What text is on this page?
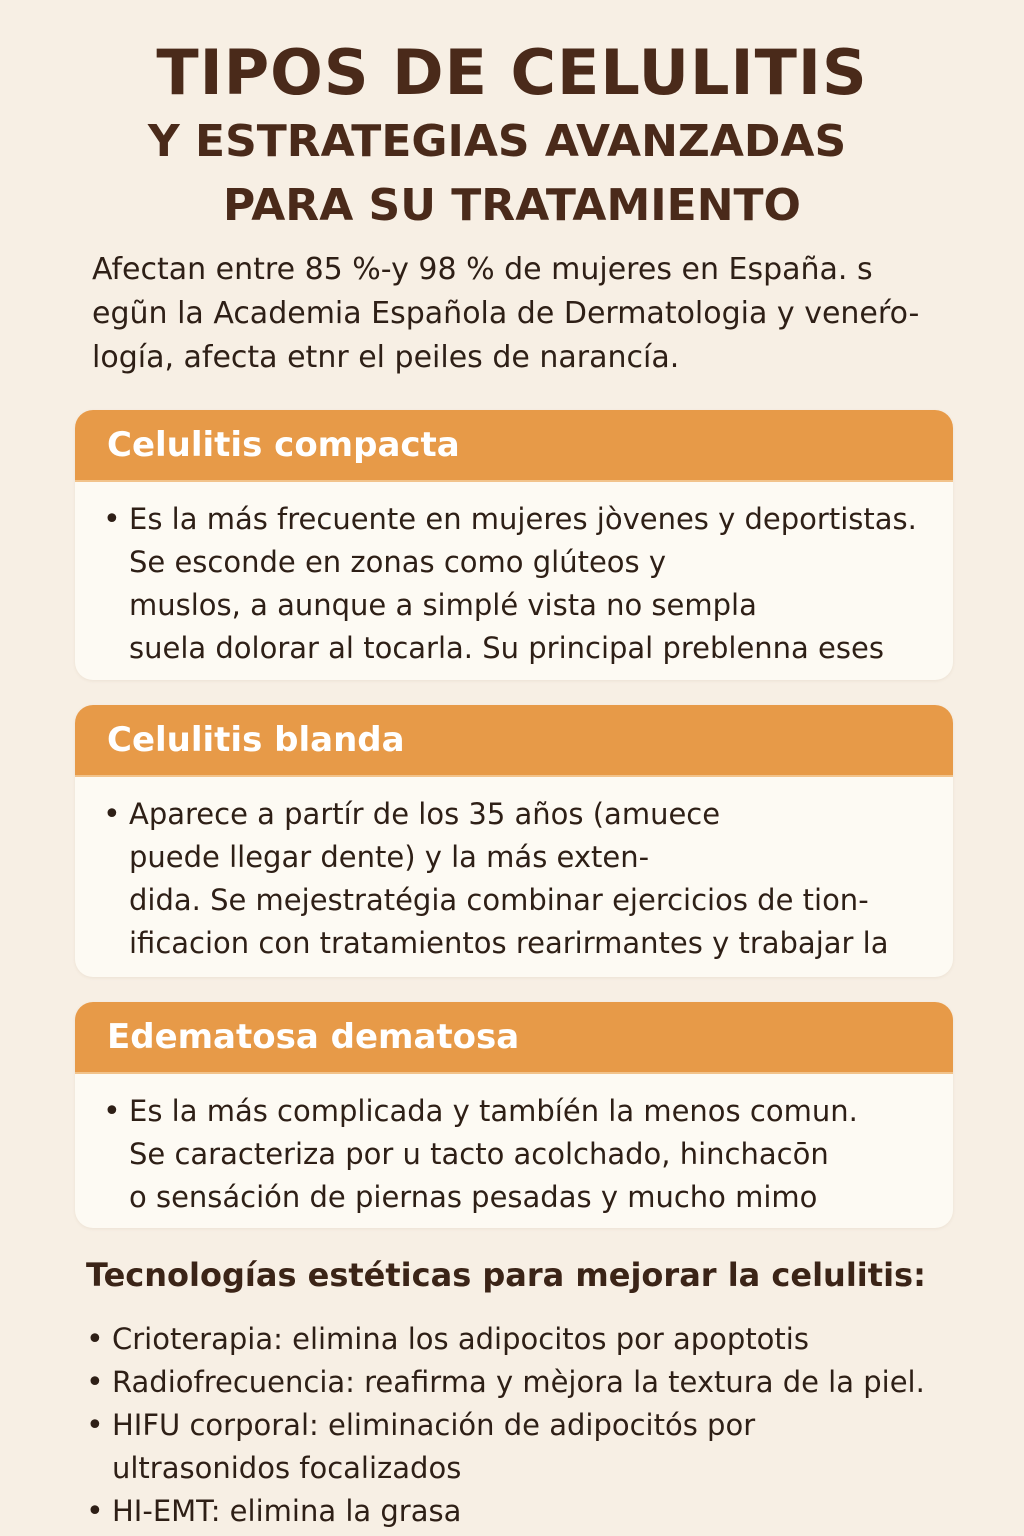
TIPOS DE CELULITIS
Y ESTRATEGIAS AVANZADAS
PARA SU TRATAMIENTO
Afectan entre 85 %-y 98 % de mujeres en España. s
egũn la Academia Española de Dermatologia y veneŕo-
logía, afecta etnr el peiles de narancía.
Celulitis compacta
• Es la más frecuente en mujeres jòvenes y deportistas.
Se esconde en zonas como glúteos y
muslos, a aunque a simplé vista no sempla
suela dolorar al tocarla. Su principal preblenna eses
Celulitis blanda
• Aparece a partír de los 35 años (amuece
puede llegar dente) y la más exten-
dida. Se mejestratégia combinar ejercicios de tion-
ificacion con tratamientos rearirmantes y trabajar la
Edematosa dematosa
• Es la más complicada y tambíén la menos comun.
Se caracteriza por u tacto acolchado, hinchacōn
o sensáción de piernas pesadas y mucho mimo
Tecnologías estéticas para mejorar la celulitis:
• Crioterapia: elimina los adipocitos por apoptotis
• Radiofrecuencia: reafirma y mèjora la textura de la piel.
• HIFU corporal: eliminación de adipocitós por
ultrasonidos focalizados
• HI-EMT: elimina la grasa
